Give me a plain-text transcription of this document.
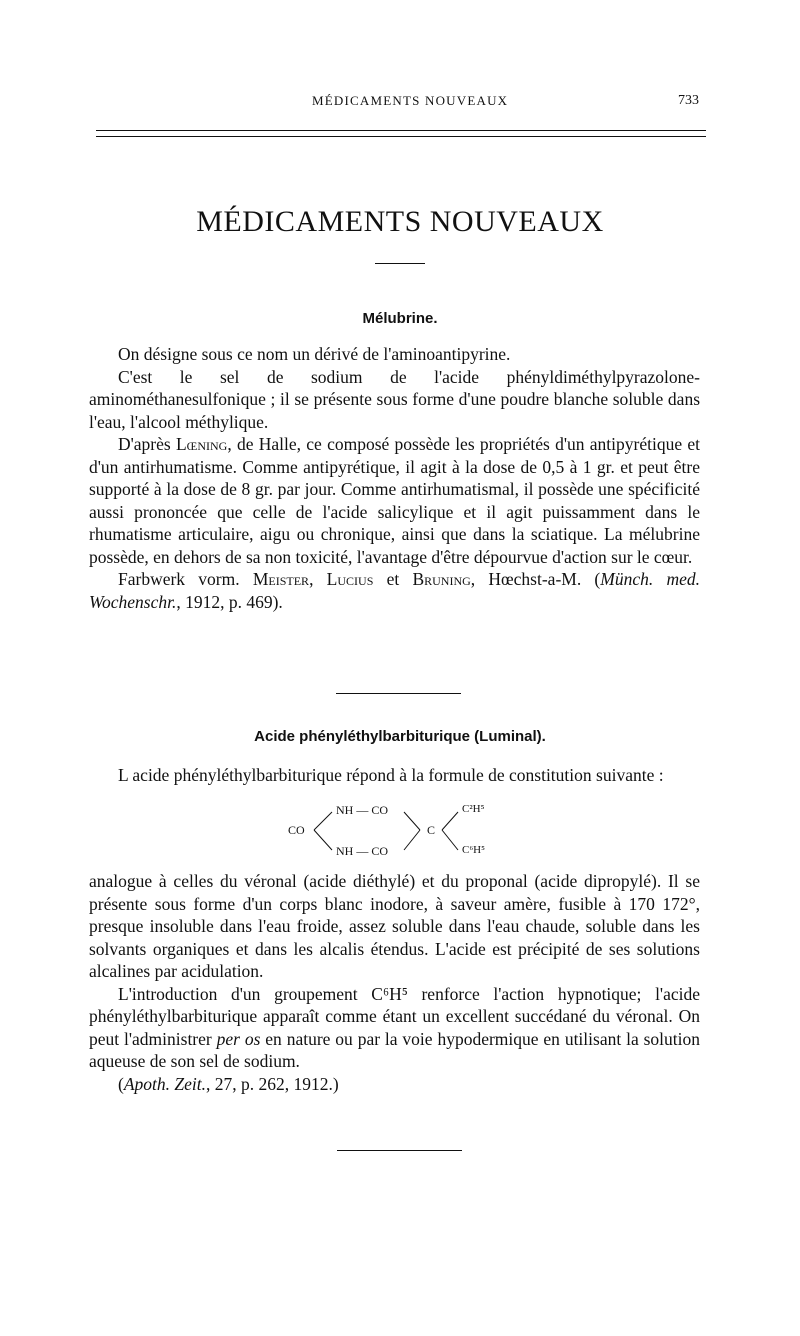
MÉDICAMENTS NOUVEAUX	733
MÉDICAMENTS NOUVEAUX
Mélubrine.

On désigne sous ce nom un dérivé de l'aminoantipyrine.

C'est le sel de sodium de l'acide phényldiméthylpyrazolone-aminométhanesulfonique ; il se présente sous forme d'une poudre blanche soluble dans l'eau, l'alcool méthylique.

D'après Lœning, de Halle, ce composé possède les propriétés d'un antipyrétique et d'un antirhumatisme. Comme antipyrétique, il agit à la dose de 0,5 à 1 gr. et peut être supporté à la dose de 8 gr. par jour. Comme antirhumatismal, il possède une spécificité aussi prononcée que celle de l'acide salicylique et il agit puissamment dans le rhumatisme articulaire, aigu ou chronique, ainsi que dans la sciatique. La mélubrine possède, en dehors de sa non toxicité, l'avantage d'être dépourvue d'action sur le cœur.

Farbwerk vorm. Meister, Lucius et Bruning, Hœchst-a-M. (Münch. med. Wochenschr., 1912, p. 469).

Acide phényléthylbarbiturique (Luminal).

L acide phényléthylbarbiturique répond à la formule de constitution suivante :

CO
NH — CO
NH — CO
C
C²H⁵
C⁶H⁵

analogue à celles du véronal (acide diéthylé) et du proponal (acide dipropylé). Il se présente sous forme d'un corps blanc inodore, à saveur amère, fusible à 170 172°, presque insoluble dans l'eau froide, assez soluble dans l'eau chaude, soluble dans les solvants organiques et dans les alcalis étendus. L'acide est précipité de ses solutions alcalines par acidulation.

L'introduction d'un groupement C⁶H⁵ renforce l'action hypnotique; l'acide phényléthylbarbiturique apparaît comme étant un excellent succédané du véronal. On peut l'administrer per os en nature ou par la voie hypodermique en utilisant la solution aqueuse de son sel de sodium.

(Apoth. Zeit., 27, p. 262, 1912.)
